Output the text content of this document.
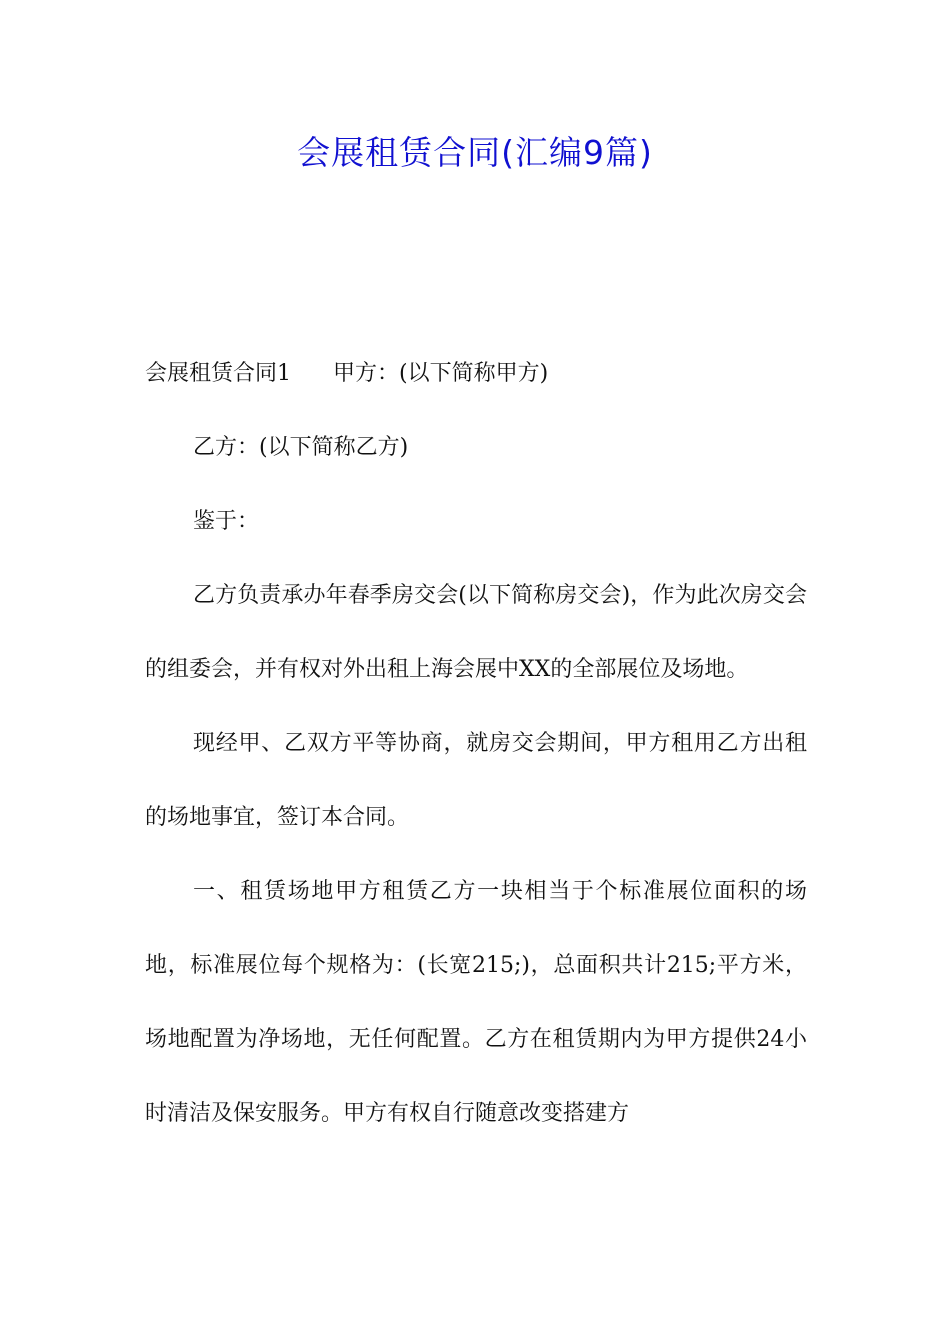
会展租赁合同(汇编9篇)

会展租赁合同1 甲方：(以下简称甲方)

乙方：(以下简称乙方)

鉴于：

乙方负责承办年春季房交会(以下简称房交会)，作为此次房交会的组委会，并有权对外出租上海会展中XX的全部展位及场地。

现经甲、乙双方平等协商，就房交会期间，甲方租用乙方出租的场地事宜，签订本合同。

一、租赁场地甲方租赁乙方一块相当于个标准展位面积的场地，标准展位每个规格为：(长宽215;)，总面积共计215;平方米，场地配置为净场地，无任何配置。乙方在租赁期内为甲方提供24小时清洁及保安服务。甲方有权自行随意改变搭建方
